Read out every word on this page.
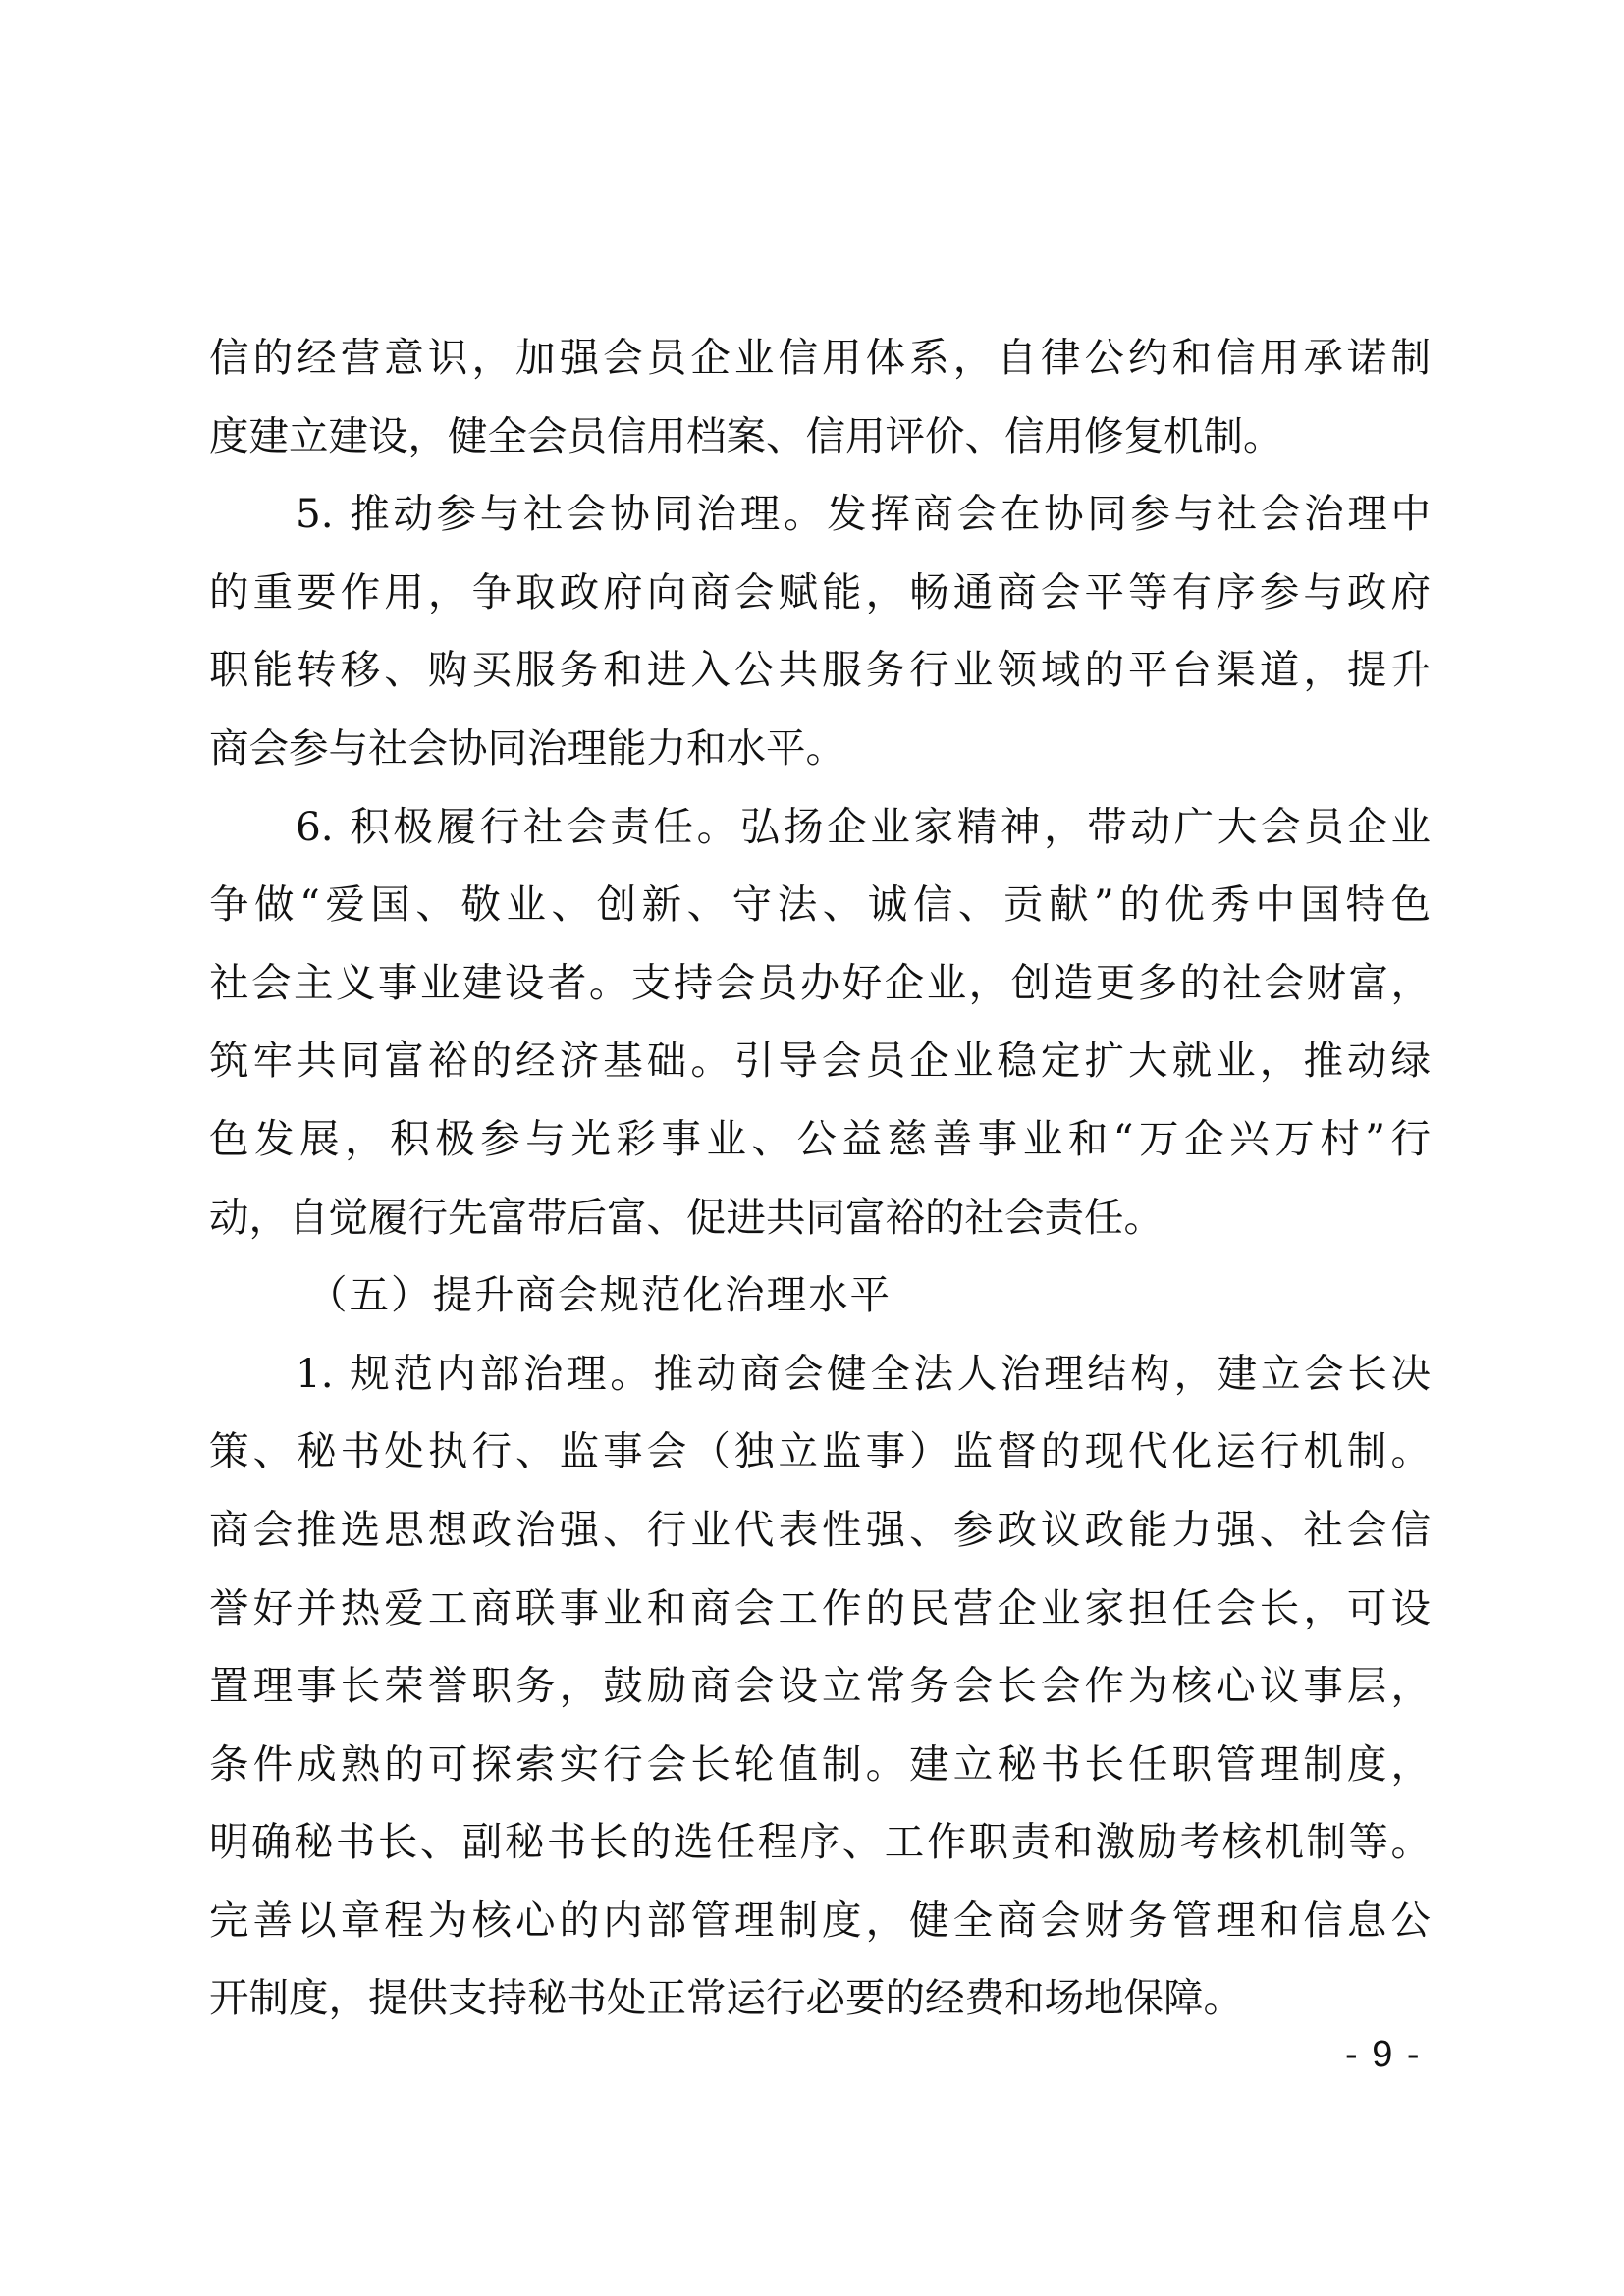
信的经营意识，加强会员企业信用体系，自律公约和信用承诺制
度建立建设，健全会员信用档案、信用评价、信用修复机制。
5. 推动参与社会协同治理。发挥商会在协同参与社会治理中
的重要作用，争取政府向商会赋能，畅通商会平等有序参与政府
职能转移、购买服务和进入公共服务行业领域的平台渠道，提升
商会参与社会协同治理能力和水平。
6. 积极履行社会责任。弘扬企业家精神，带动广大会员企业
争做“爱国、敬业、创新、守法、诚信、贡献”的优秀中国特色
社会主义事业建设者。支持会员办好企业，创造更多的社会财富，
筑牢共同富裕的经济基础。引导会员企业稳定扩大就业，推动绿
色发展，积极参与光彩事业、公益慈善事业和“万企兴万村”行
动，自觉履行先富带后富、促进共同富裕的社会责任。
（五）提升商会规范化治理水平
1. 规范内部治理。推动商会健全法人治理结构，建立会长决
策、秘书处执行、监事会（独立监事）监督的现代化运行机制。
商会推选思想政治强、行业代表性强、参政议政能力强、社会信
誉好并热爱工商联事业和商会工作的民营企业家担任会长，可设
置理事长荣誉职务，鼓励商会设立常务会长会作为核心议事层，
条件成熟的可探索实行会长轮值制。建立秘书长任职管理制度，
明确秘书长、副秘书长的选任程序、工作职责和激励考核机制等。
完善以章程为核心的内部管理制度，健全商会财务管理和信息公
开制度，提供支持秘书处正常运行必要的经费和场地保障。
- 9 -
